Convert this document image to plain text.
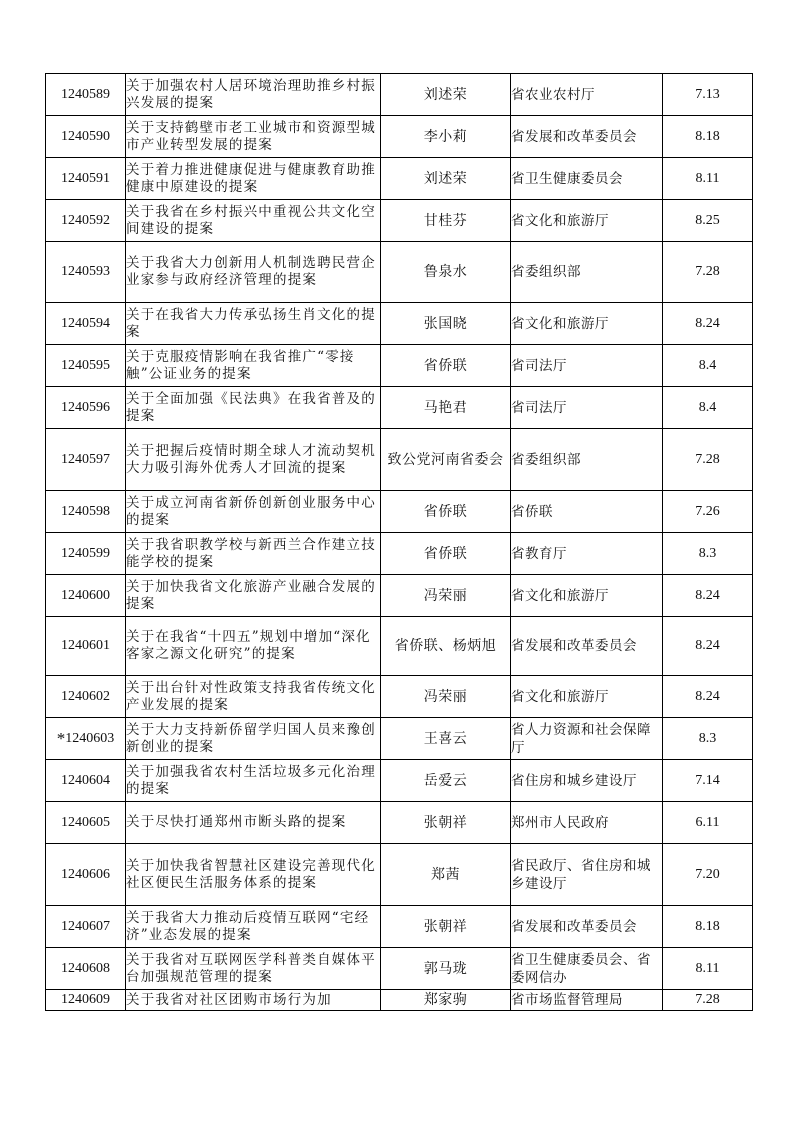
1240589	关于加强农村人居环境治理助推乡村振兴发展的提案	刘述荣	省农业农村厅	7.13
1240590	关于支持鹤壁市老工业城市和资源型城市产业转型发展的提案	李小莉	省发展和改革委员会	8.18
1240591	关于着力推进健康促进与健康教育助推健康中原建设的提案	刘述荣	省卫生健康委员会	8.11
1240592	关于我省在乡村振兴中重视公共文化空间建设的提案	甘桂芬	省文化和旅游厅	8.25
1240593	关于我省大力创新用人机制选聘民营企业家参与政府经济管理的提案	鲁泉水	省委组织部	7.28
1240594	关于在我省大力传承弘扬生肖文化的提案	张国晓	省文化和旅游厅	8.24
1240595	关于克服疫情影响在我省推广“零接触”公证业务的提案	省侨联	省司法厅	8.4
1240596	关于全面加强《民法典》在我省普及的提案	马艳君	省司法厅	8.4
1240597	关于把握后疫情时期全球人才流动契机大力吸引海外优秀人才回流的提案	致公党河南省委会	省委组织部	7.28
1240598	关于成立河南省新侨创新创业服务中心的提案	省侨联	省侨联	7.26
1240599	关于我省职教学校与新西兰合作建立技能学校的提案	省侨联	省教育厅	8.3
1240600	关于加快我省文化旅游产业融合发展的提案	冯荣丽	省文化和旅游厅	8.24
1240601	关于在我省“十四五”规划中增加“深化客家之源文化研究”的提案	省侨联、杨炳旭	省发展和改革委员会	8.24
1240602	关于出台针对性政策支持我省传统文化产业发展的提案	冯荣丽	省文化和旅游厅	8.24
*1240603	关于大力支持新侨留学归国人员来豫创新创业的提案	王喜云	省人力资源和社会保障厅	8.3
1240604	关于加强我省农村生活垃圾多元化治理的提案	岳爱云	省住房和城乡建设厅	7.14
1240605	关于尽快打通郑州市断头路的提案	张朝祥	郑州市人民政府	6.11
1240606	关于加快我省智慧社区建设完善现代化社区便民生活服务体系的提案	郑茜	省民政厅、省住房和城乡建设厅	7.20
1240607	关于我省大力推动后疫情互联网“宅经济”业态发展的提案	张朝祥	省发展和改革委员会	8.18
1240608	关于我省对互联网医学科普类自媒体平台加强规范管理的提案	郭马珑	省卫生健康委员会、省委网信办	8.11
1240609	关于我省对社区团购市场行为加	郑家驹	省市场监督管理局	7.28
